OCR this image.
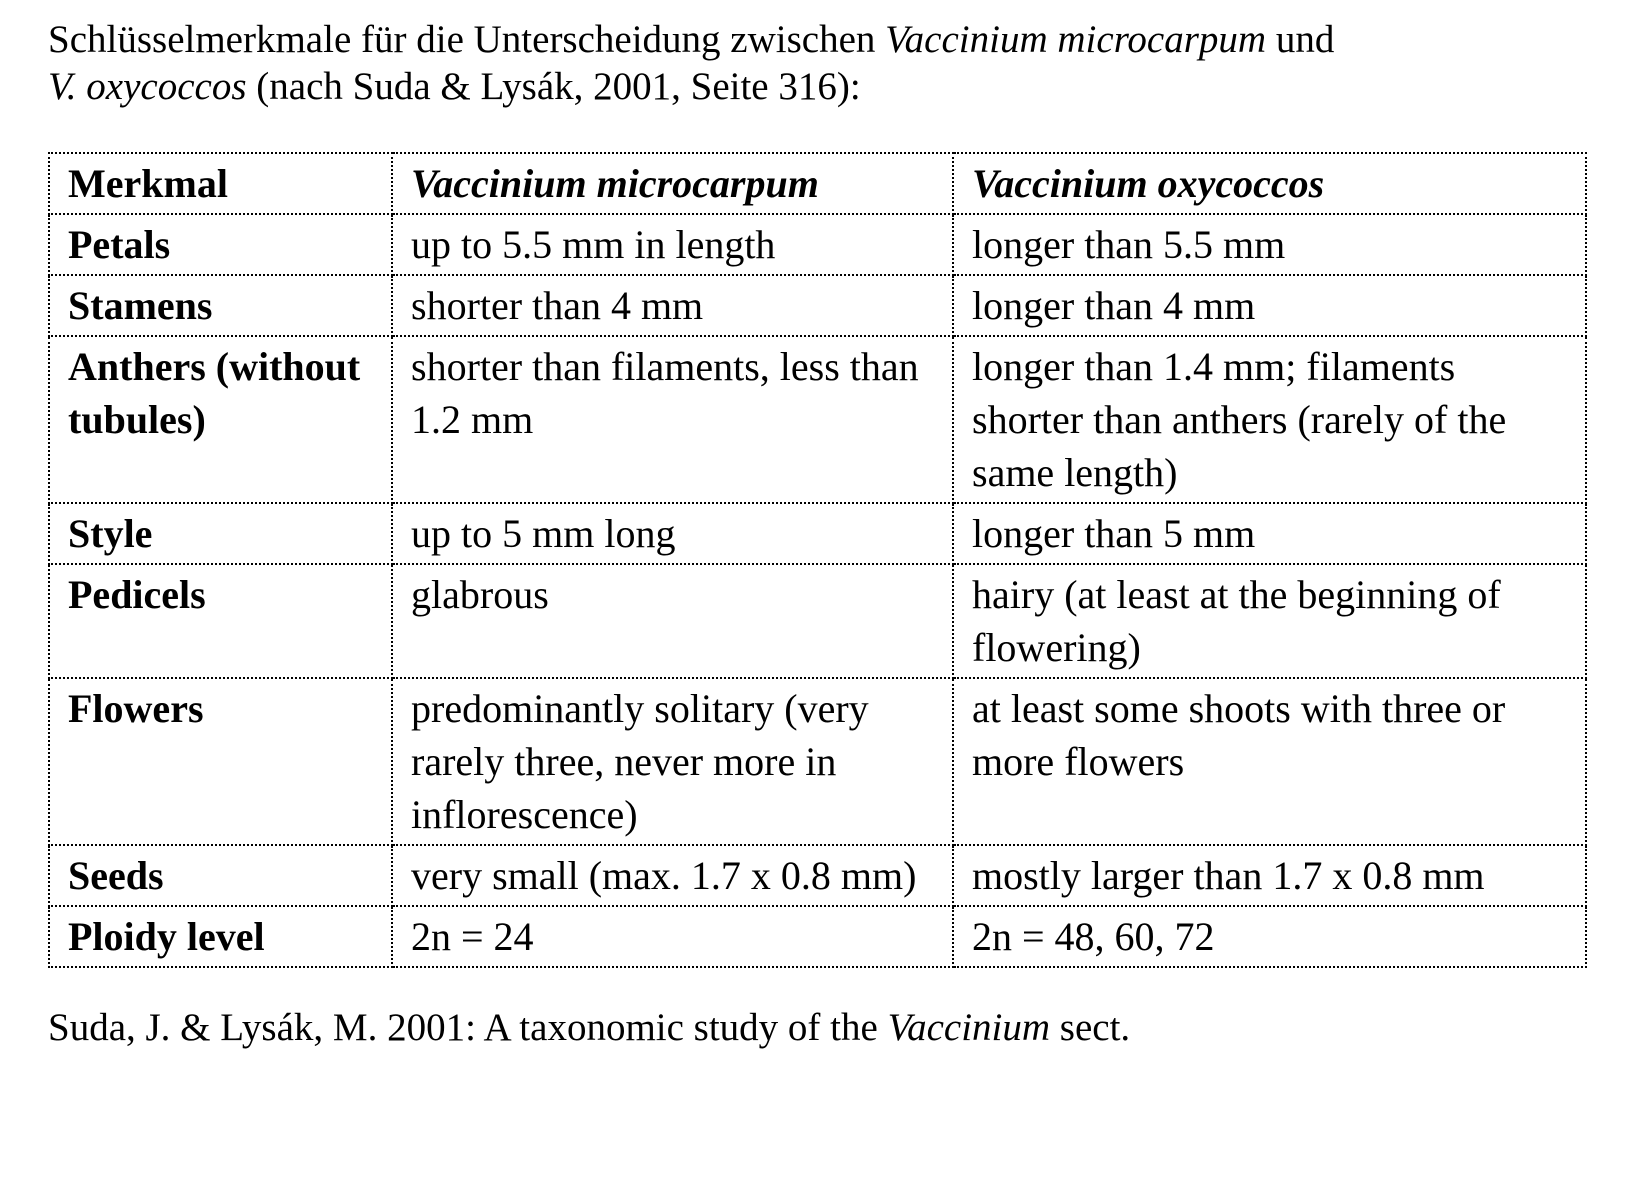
Schlüsselmerkmale für die Unterscheidung zwischen Vaccinium microcarpum und
V. oxycoccos (nach Suda & Lysák, 2001, Seite 316):

Merkmal	Vaccinium microcarpum	Vaccinium oxycoccos
Petals	up to 5.5 mm in length	longer than 5.5 mm
Stamens	shorter than 4 mm	longer than 4 mm
Anthers (without tubules)	shorter than filaments, less than 1.2 mm	longer than 1.4 mm; filaments shorter than anthers (rarely of the same length)
Style	up to 5 mm long	longer than 5 mm
Pedicels	glabrous	hairy (at least at the beginning of flowering)
Flowers	predominantly solitary (very rarely three, never more in inflorescence)	at least some shoots with three or more flowers
Seeds	very small (max. 1.7 x 0.8 mm)	mostly larger than 1.7 x 0.8 mm
Ploidy level	2n = 24	2n = 48, 60, 72

Suda, J. & Lysák, M. 2001: A taxonomic study of the Vaccinium sect.
